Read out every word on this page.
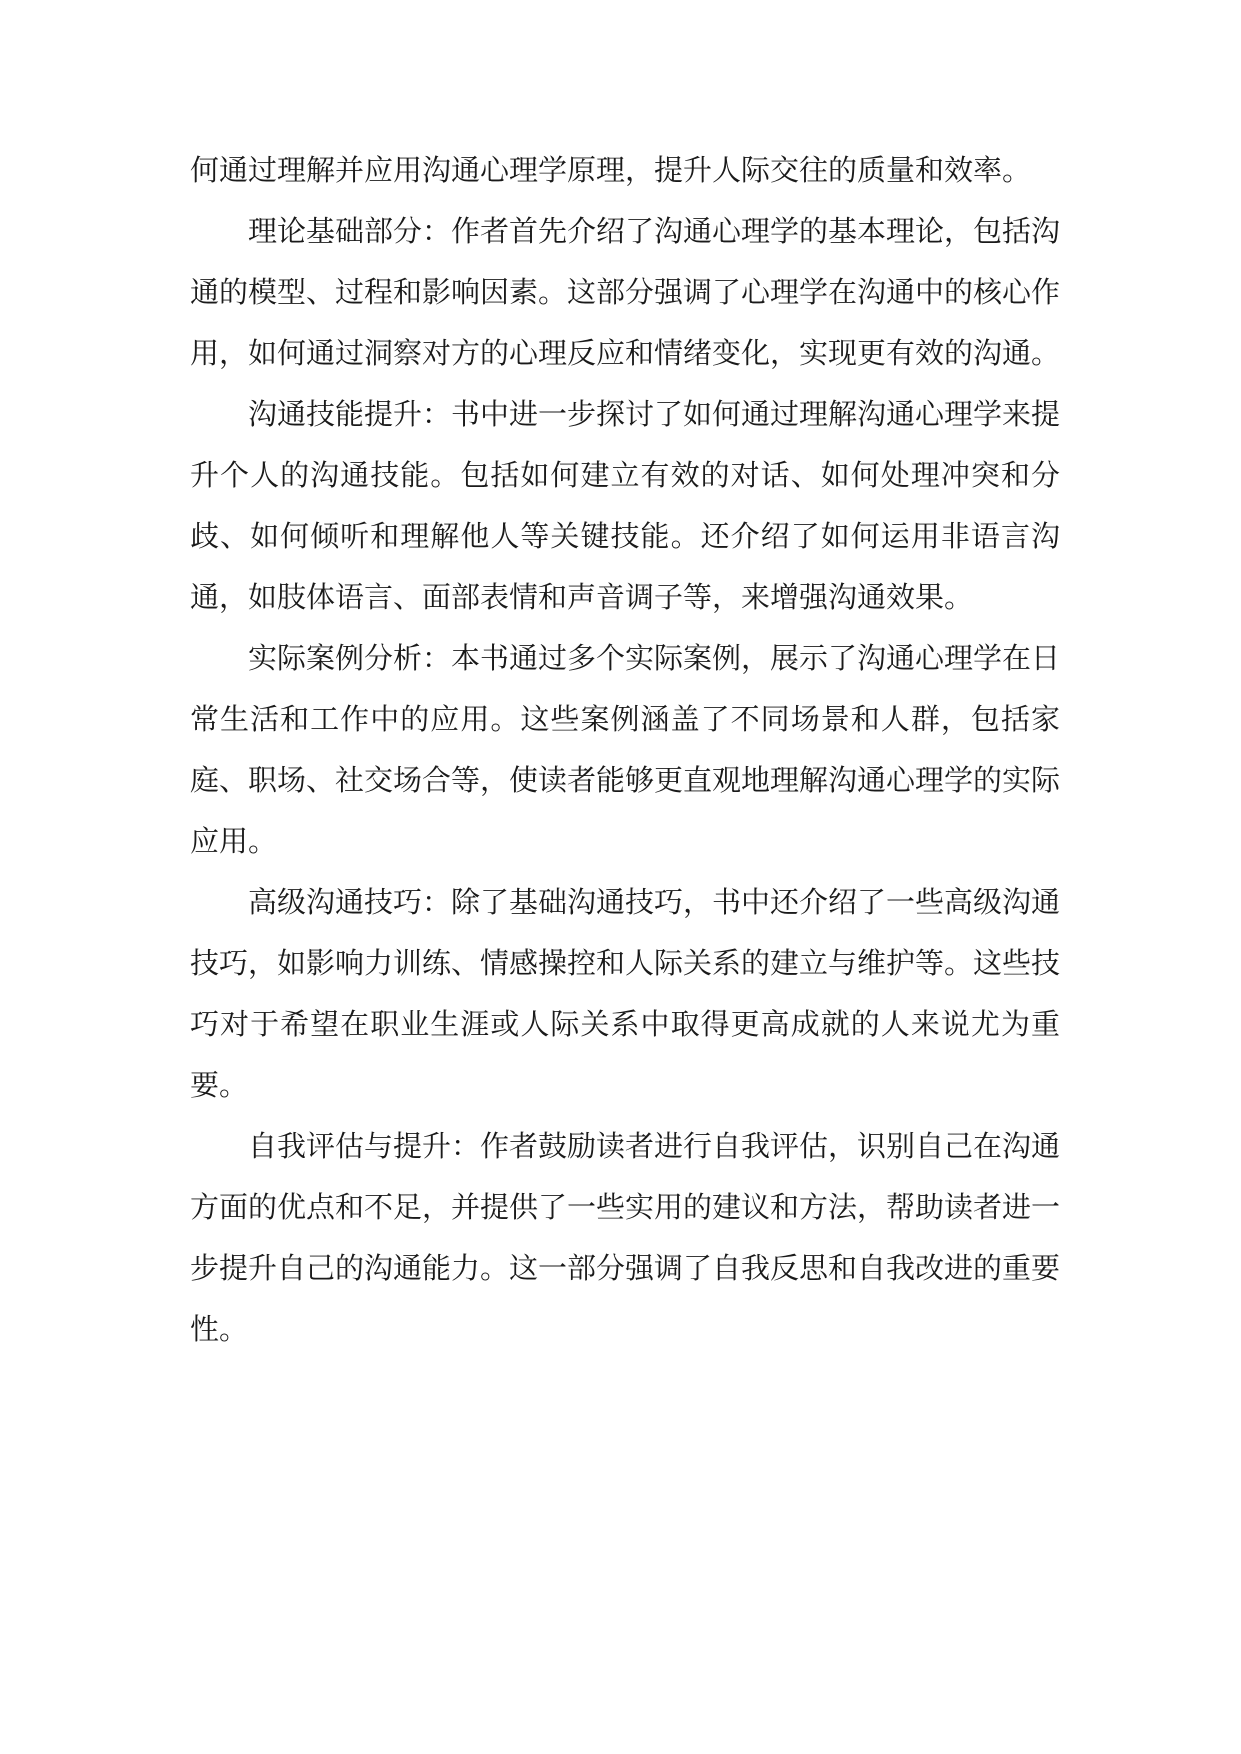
何通过理解并应用沟通心理学原理，提升人际交往的质量和效率。

理论基础部分：作者首先介绍了沟通心理学的基本理论，包括沟通的模型、过程和影响因素。这部分强调了心理学在沟通中的核心作用，如何通过洞察对方的心理反应和情绪变化，实现更有效的沟通。

沟通技能提升：书中进一步探讨了如何通过理解沟通心理学来提升个人的沟通技能。包括如何建立有效的对话、如何处理冲突和分歧、如何倾听和理解他人等关键技能。还介绍了如何运用非语言沟通，如肢体语言、面部表情和声音调子等，来增强沟通效果。

实际案例分析：本书通过多个实际案例，展示了沟通心理学在日常生活和工作中的应用。这些案例涵盖了不同场景和人群，包括家庭、职场、社交场合等，使读者能够更直观地理解沟通心理学的实际应用。

高级沟通技巧：除了基础沟通技巧，书中还介绍了一些高级沟通技巧，如影响力训练、情感操控和人际关系的建立与维护等。这些技巧对于希望在职业生涯或人际关系中取得更高成就的人来说尤为重要。

自我评估与提升：作者鼓励读者进行自我评估，识别自己在沟通方面的优点和不足，并提供了一些实用的建议和方法，帮助读者进一步提升自己的沟通能力。这一部分强调了自我反思和自我改进的重要性。
